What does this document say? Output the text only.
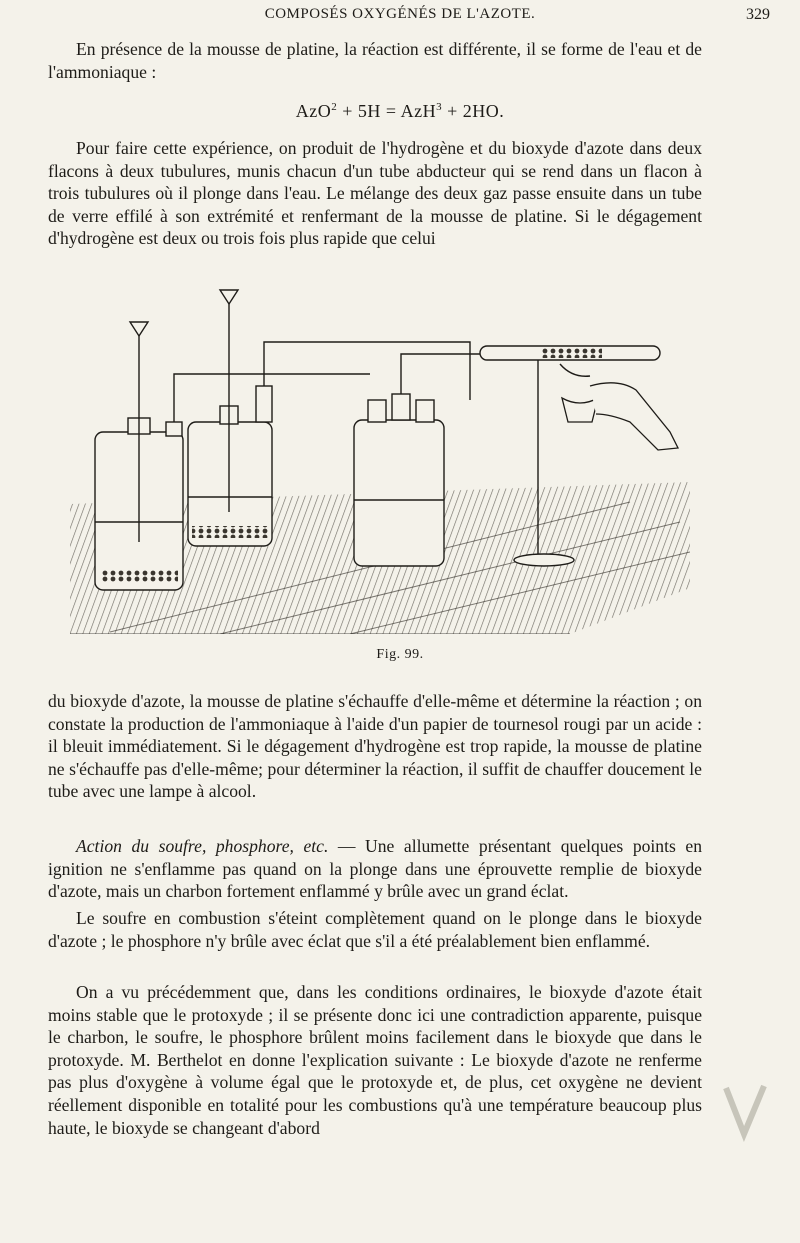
COMPOSÉS OXYGÉNÉS DE L'AZOTE.	329

En présence de la mousse de platine, la réaction est différente, il se forme de l'eau et de l'ammoniaque :

AzO$^2$ + 5H = AzH$^3$ + 2HO.

Pour faire cette expérience, on produit de l'hydrogène et du bioxyde d'azote dans deux flacons à deux tubulures, munis chacun d'un tube abducteur qui se rend dans un flacon à trois tubulures où il plonge dans l'eau. Le mélange des deux gaz passe ensuite dans un tube de verre effilé à son extrémité et renfermant de la mousse de platine. Si le dégagement d'hydrogène est deux ou trois fois plus rapide que celui

Fig. 99.

du bioxyde d'azote, la mousse de platine s'échauffe d'elle-même et détermine la réaction ; on constate la production de l'ammoniaque à l'aide d'un papier de tournesol rougi par un acide : il bleuit immédiatement. Si le dégagement d'hydrogène est trop rapide, la mousse de platine ne s'échauffe pas d'elle-même; pour déterminer la réaction, il suffit de chauffer doucement le tube avec une lampe à alcool.

Action du soufre, phosphore, etc. — Une allumette présentant quelques points en ignition ne s'enflamme pas quand on la plonge dans une éprouvette remplie de bioxyde d'azote, mais un charbon fortement enflammé y brûle avec un grand éclat.

Le soufre en combustion s'éteint complètement quand on le plonge dans le bioxyde d'azote ; le phosphore n'y brûle avec éclat que s'il a été préalablement bien enflammé.

On a vu précédemment que, dans les conditions ordinaires, le bioxyde d'azote était moins stable que le protoxyde ; il se présente donc ici une contradiction apparente, puisque le charbon, le soufre, le phosphore brûlent moins facilement dans le bioxyde que dans le protoxyde. M. Berthelot en donne l'explication suivante : Le bioxyde d'azote ne renferme pas plus d'oxygène à volume égal que le protoxyde et, de plus, cet oxygène ne devient réellement disponible en totalité pour les combustions qu'à une température beaucoup plus haute, le bioxyde se changeant d'abord
